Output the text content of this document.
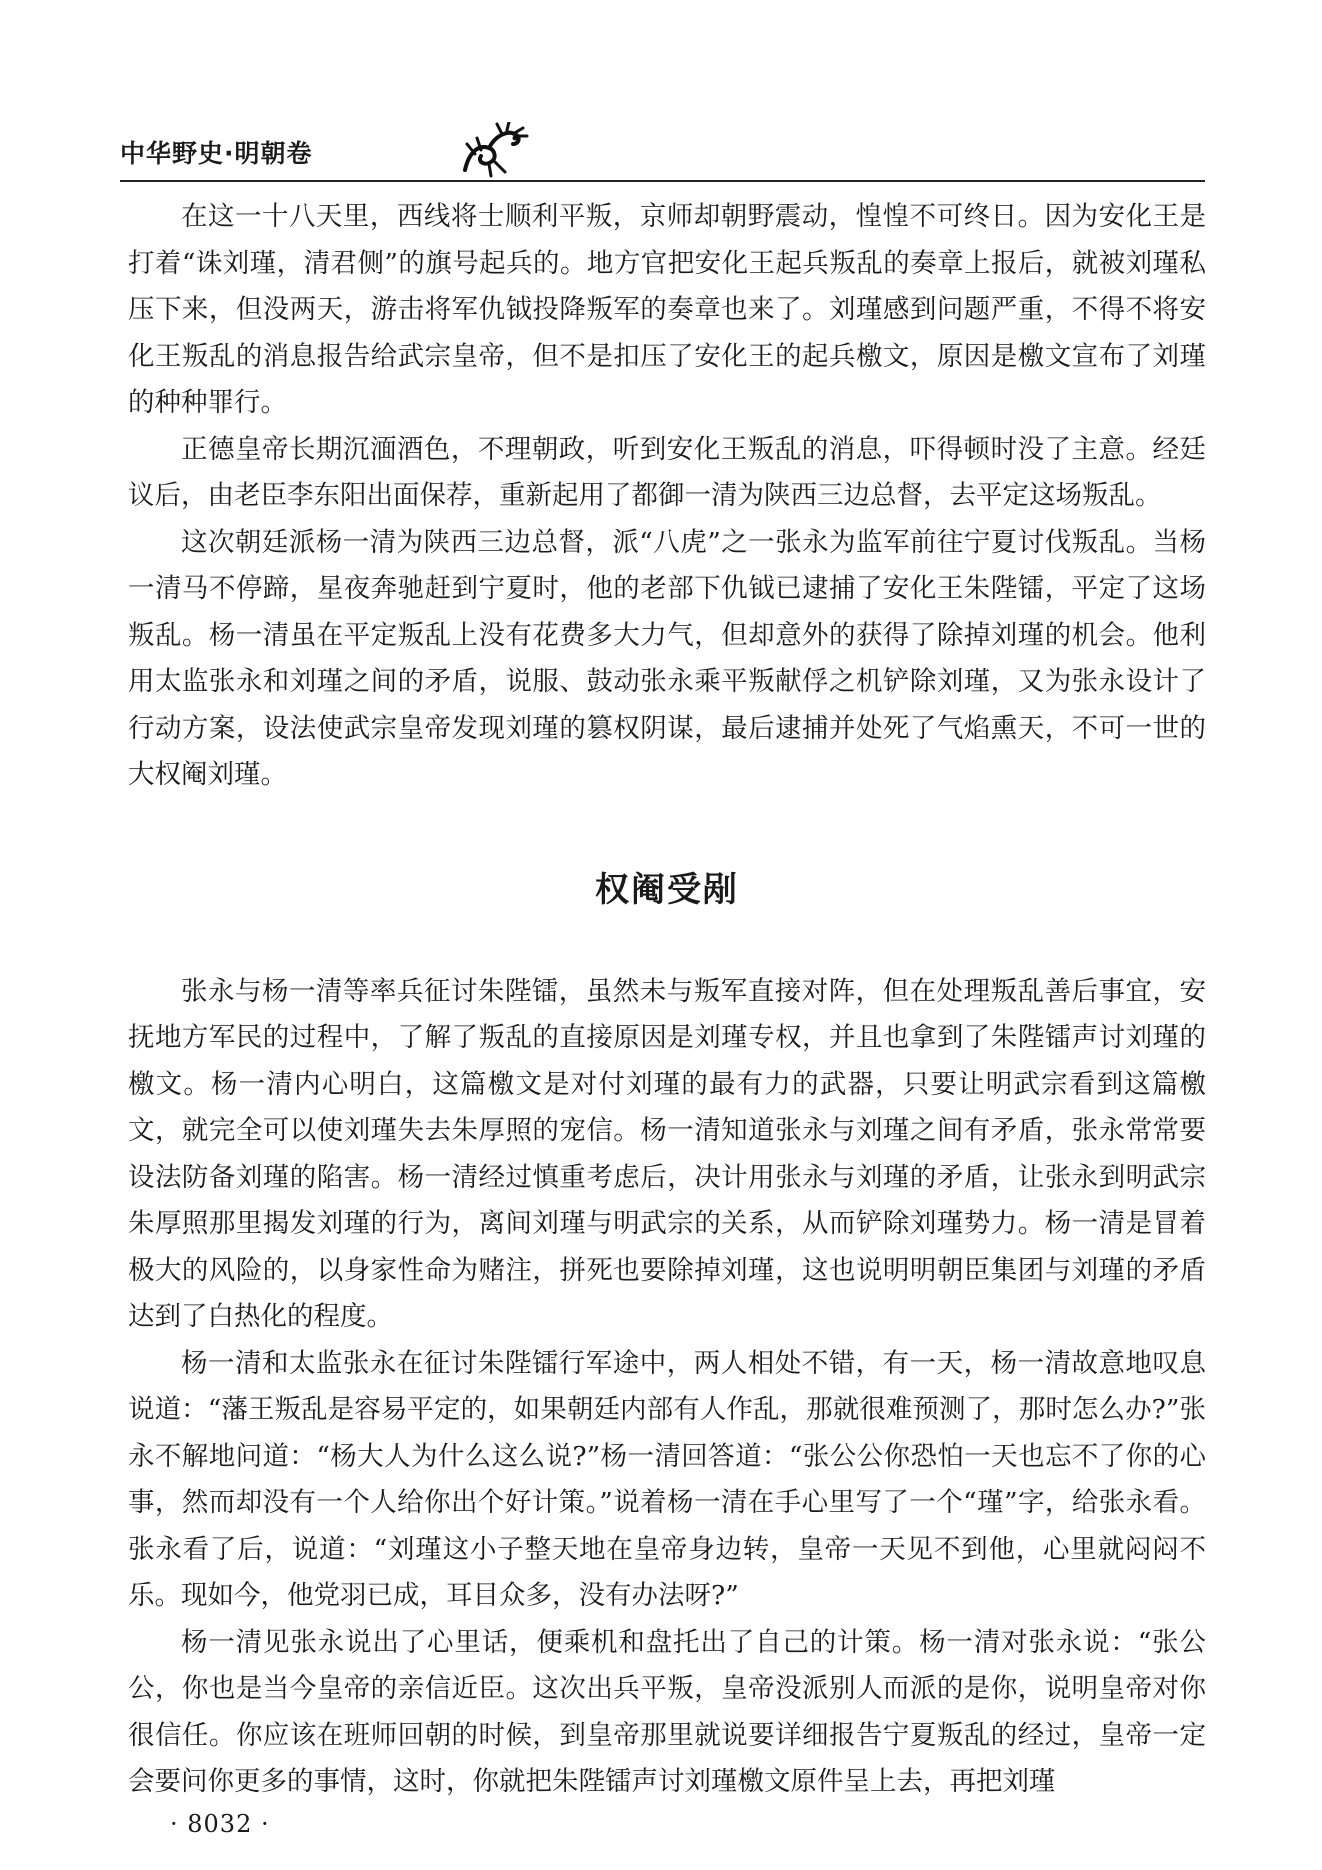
中华野史·明朝卷

在这一十八天里，西线将士顺利平叛，京师却朝野震动，惶惶不可终日。因为安化王是打着“诛刘瑾，清君侧”的旗号起兵的。地方官把安化王起兵叛乱的奏章上报后，就被刘瑾私压下来，但没两天，游击将军仇钺投降叛军的奏章也来了。刘瑾感到问题严重，不得不将安化王叛乱的消息报告给武宗皇帝，但不是扣压了安化王的起兵檄文，原因是檄文宣布了刘瑾的种种罪行。

正德皇帝长期沉湎酒色，不理朝政，听到安化王叛乱的消息，吓得顿时没了主意。经廷议后，由老臣李东阳出面保荐，重新起用了都御一清为陕西三边总督，去平定这场叛乱。

这次朝廷派杨一清为陕西三边总督，派“八虎”之一张永为监军前往宁夏讨伐叛乱。当杨一清马不停蹄，星夜奔驰赶到宁夏时，他的老部下仇钺已逮捕了安化王朱陛镭，平定了这场叛乱。杨一清虽在平定叛乱上没有花费多大力气，但却意外的获得了除掉刘瑾的机会。他利用太监张永和刘瑾之间的矛盾，说服、鼓动张永乘平叛献俘之机铲除刘瑾，又为张永设计了行动方案，设法使武宗皇帝发现刘瑾的篡权阴谋，最后逮捕并处死了气焰熏天，不可一世的大权阉刘瑾。

权阉受剐

张永与杨一清等率兵征讨朱陛镭，虽然未与叛军直接对阵，但在处理叛乱善后事宜，安抚地方军民的过程中，了解了叛乱的直接原因是刘瑾专权，并且也拿到了朱陛镭声讨刘瑾的檄文。杨一清内心明白，这篇檄文是对付刘瑾的最有力的武器，只要让明武宗看到这篇檄文，就完全可以使刘瑾失去朱厚照的宠信。杨一清知道张永与刘瑾之间有矛盾，张永常常要设法防备刘瑾的陷害。杨一清经过慎重考虑后，决计用张永与刘瑾的矛盾，让张永到明武宗朱厚照那里揭发刘瑾的行为，离间刘瑾与明武宗的关系，从而铲除刘瑾势力。杨一清是冒着极大的风险的，以身家性命为赌注，拼死也要除掉刘瑾，这也说明明朝臣集团与刘瑾的矛盾达到了白热化的程度。

杨一清和太监张永在征讨朱陛镭行军途中，两人相处不错，有一天，杨一清故意地叹息说道：“藩王叛乱是容易平定的，如果朝廷内部有人作乱，那就很难预测了，那时怎么办?”张永不解地问道：“杨大人为什么这么说?”杨一清回答道：“张公公你恐怕一天也忘不了你的心事，然而却没有一个人给你出个好计策。”说着杨一清在手心里写了一个“瑾”字，给张永看。张永看了后，说道：“刘瑾这小子整天地在皇帝身边转，皇帝一天见不到他，心里就闷闷不乐。现如今，他党羽已成，耳目众多，没有办法呀?”

杨一清见张永说出了心里话，便乘机和盘托出了自己的计策。杨一清对张永说：“张公公，你也是当今皇帝的亲信近臣。这次出兵平叛，皇帝没派别人而派的是你，说明皇帝对你很信任。你应该在班师回朝的时候，到皇帝那里就说要详细报告宁夏叛乱的经过，皇帝一定会要问你更多的事情，这时，你就把朱陛镭声讨刘瑾檄文原件呈上去，再把刘瑾

· 8032 ·
